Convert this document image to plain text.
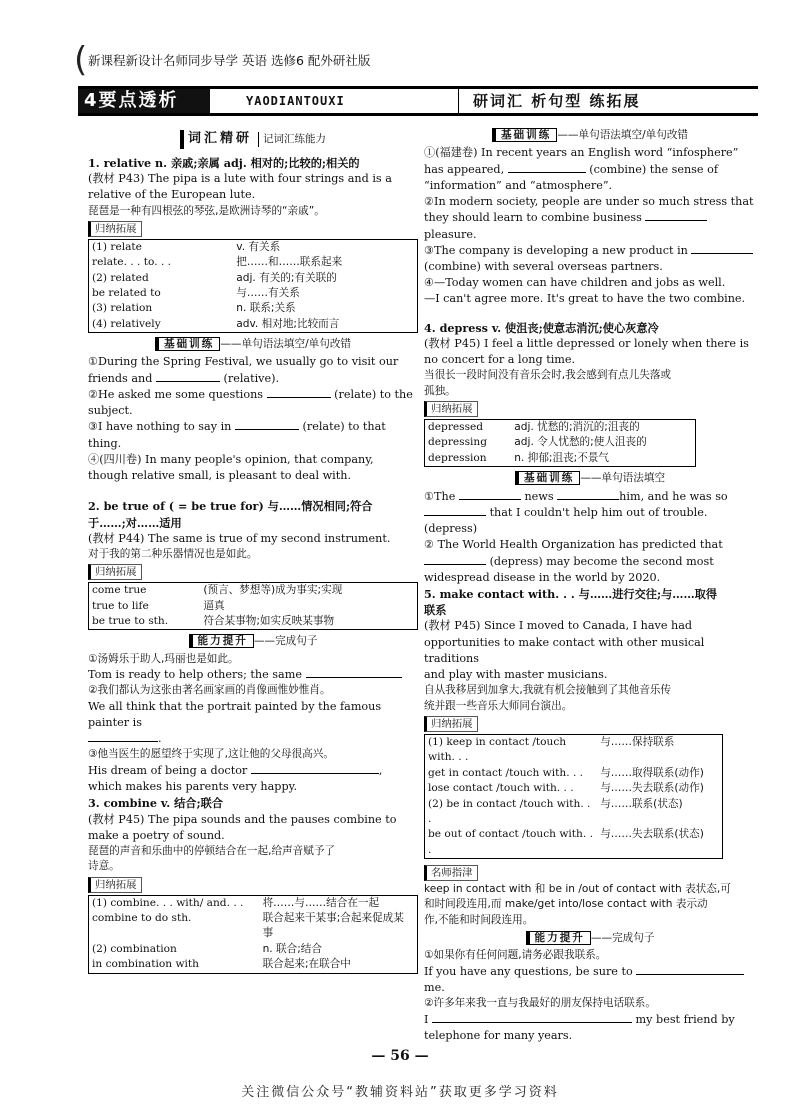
( 新课程新设计名师同步导学 英语 选修6 配外研社版
4要点透析	YAODIANTOUXI	研词汇 析句型 练拓展
词汇精研	记词汇练能力

1. relative n. 亲戚;亲属 adj. 相对的;比较的;相关的

(教材 P43) The pipa is a lute with four strings and is a

relative of the European lute.

琵琶是一种有四根弦的琴弦,是欧洲诗琴的“亲戚”。

归纳拓展
(1) relate	v. 有关系
relate. . . to. . .	把……和……联系起来
(2) related	adj. 有关的;有关联的
be related to	与……有关系
(3) relation	n. 联系;关系
(4) relatively	adv. 相对地;比较而言
基础训练 ——单句语法填空/单句改错

①During the Spring Festival, we usually go to visit our

friends and	(relative).

②He asked me some questions	(relate) to the

subject.

③I have nothing to say in	(relate) to that

thing.

④(四川卷) In many people's opinion, that company,

though relative small, is pleasant to deal with.

2. be true of ( = be true for) 与……情况相同;符合

于……;对……适用

(教材 P44) The same is true of my second instrument.

对于我的第二种乐器情况也是如此。

归纳拓展
come true	(预言、梦想等)成为事实;实现
true to life	逼真
be true to sth.	符合某事物;如实反映某事物
能力提升 ——完成句子

①汤姆乐于助人,玛丽也是如此。

Tom is ready to help others; the same

②我们都认为这张由著名画家画的肖像画惟妙惟肖。

We all think that the portrait painted by the famous painter is

.

③他当医生的愿望终于实现了,这让他的父母很高兴。

His dream of being a doctor	,

which makes his parents very happy.

3. combine v. 结合;联合

(教材 P45) The pipa sounds and the pauses combine to

make a poetry of sound.

琵琶的声音和乐曲中的停顿结合在一起,给声音赋予了

诗意。

归纳拓展
(1) combine. . . with/ and. . .	将……与……结合在一起
combine to do sth.	联合起来干某事;合起来促成某事
(2) combination	n. 联合;结合
in combination with	联合起来;在联合中
基础训练 ——单句语法填空/单句改错

①(福建卷) In recent years an English word “infosphere”

has appeared,	(combine) the sense of

“information” and “atmosphere”.

②In modern society, people are under so much stress that

they should learn to combine business  pleasure.

③The company is developing a new product in

(combine) with several overseas partners.

④—Today women can have children and jobs as well.

—I can't agree more. It's great to have the two combine.

4. depress v. 使沮丧;使意志消沉;使心灰意冷

(教材 P45) I feel a little depressed or lonely when there is

no concert for a long time.

当很长一段时间没有音乐会时,我会感到有点儿失落或

孤独。

归纳拓展
depressed	adj. 忧愁的;消沉的;沮丧的
depressing	adj. 令人忧愁的;使人沮丧的
depression	n. 抑郁;沮丧;不景气
基础训练 ——单句语法填空

①The	news	him, and he was so

that I couldn't help him out of trouble.

(depress)

② The World Health Organization has predicted that

(depress) may become the second most

widespread disease in the world by 2020.

5. make contact with. . . 与……进行交往;与……取得

联系

(教材 P45) Since I moved to Canada, I have had

opportunities to make contact with other musical traditions

and play with master musicians.

自从我移居到加拿大,我就有机会接触到了其他音乐传

统并跟一些音乐大师同台演出。

归纳拓展
(1) keep in contact /touch with. . .	与……保持联系
get in contact /touch with. . .	与……取得联系(动作)
lose contact /touch with. . .	与……失去联系(动作)
(2) be in contact /touch with. . .	与……联系(状态)
be out of contact /touch with. . .	与……失去联系(状态)
名师指津

keep in contact with 和 be in /out of contact with 表状态,可

和时间段连用,而 make/get into/lose contact with 表示动

作,不能和时间段连用。

能力提升 ——完成句子

①如果你有任何问题,请务必跟我联系。

If you have any questions, be sure to

me.

②许多年来我一直与我最好的朋友保持电话联系。

I	my best friend by

telephone for many years.

— 56 —
关注微信公众号“教辅资料站”获取更多学习资料
